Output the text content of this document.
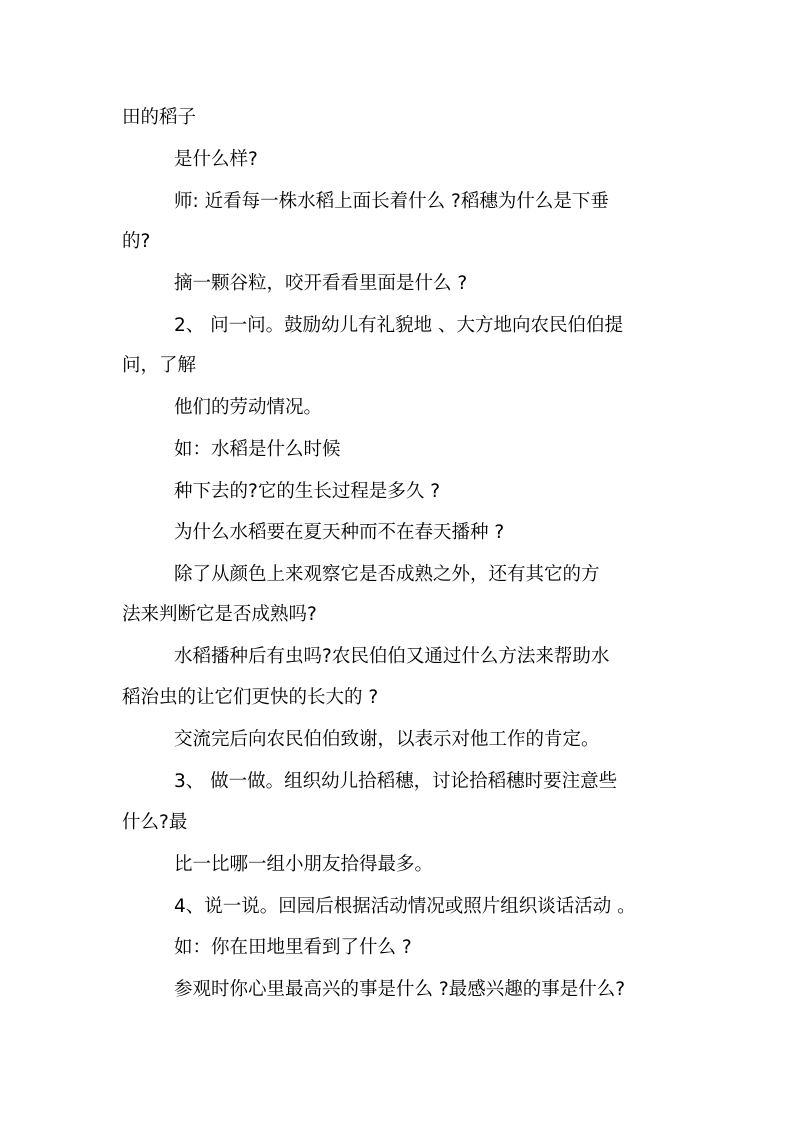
田的稻子

是什么样?

师: 近看每一株水稻上面长着什么 ?稻穗为什么是下垂

的?

摘一颗谷粒，咬开看看里面是什么 ?

2、 问一问。鼓励幼儿有礼貌地 、大方地向农民伯伯提

问，了解

他们的劳动情况。

如：水稻是什么时候

种下去的?它的生长过程是多久 ?

为什么水稻要在夏天种而不在春天播种 ?

除了从颜色上来观察它是否成熟之外，还有其它的方

法来判断它是否成熟吗?

水稻播种后有虫吗?农民伯伯又通过什么方法来帮助水

稻治虫的让它们更快的长大的 ?

交流完后向农民伯伯致谢，以表示对他工作的肯定。

3、 做一做。组织幼儿拾稻穗，讨论拾稻穗时要注意些

什么?最

比一比哪一组小朋友拾得最多。

4、说一说。回园后根据活动情况或照片组织谈话活动 。

如：你在田地里看到了什么 ?

参观时你心里最高兴的事是什么 ?最感兴趣的事是什么?
